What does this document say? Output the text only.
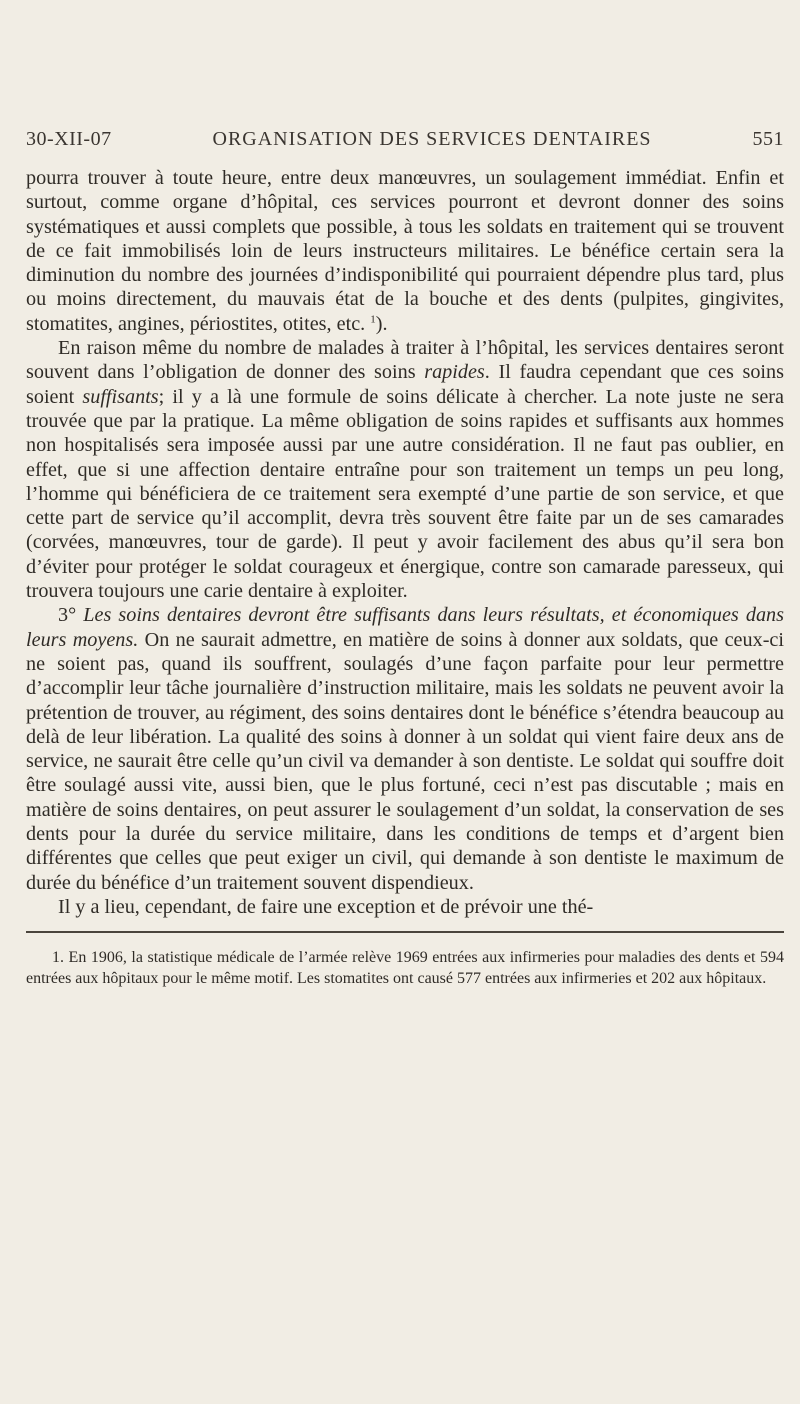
30-XII-07	ORGANISATION DES SERVICES DENTAIRES	551

pourra trouver à toute heure, entre deux manœuvres, un soulagement immédiat. Enfin et surtout, comme organe d’hôpital, ces services pourront et devront donner des soins systématiques et aussi complets que possible, à tous les soldats en traitement qui se trouvent de ce fait immobilisés loin de leurs instructeurs militaires. Le bénéfice certain sera la diminution du nombre des journées d’indisponibilité qui pourraient dépendre plus tard, plus ou moins directement, du mauvais état de la bouche et des dents (pulpites, gingivites, stomatites, angines, périostites, otites, etc. $^1$).

En raison même du nombre de malades à traiter à l’hôpital, les services dentaires seront souvent dans l’obligation de donner des soins rapides. Il faudra cependant que ces soins soient suffisants; il y a là une formule de soins délicate à chercher. La note juste ne sera trouvée que par la pratique. La même obligation de soins rapides et suffisants aux hommes non hospitalisés sera imposée aussi par une autre considération. Il ne faut pas oublier, en effet, que si une affection dentaire entraîne pour son traitement un temps un peu long, l’homme qui bénéficiera de ce traitement sera exempté d’une partie de son service, et que cette part de service qu’il accomplit, devra très souvent être faite par un de ses camarades (corvées, manœuvres, tour de garde). Il peut y avoir facilement des abus qu’il sera bon d’éviter pour protéger le soldat courageux et énergique, contre son camarade paresseux, qui trouvera toujours une carie dentaire à exploiter.

3° Les soins dentaires devront être suffisants dans leurs résultats, et économiques dans leurs moyens. On ne saurait admettre, en matière de soins à donner aux soldats, que ceux-ci ne soient pas, quand ils souffrent, soulagés d’une façon parfaite pour leur permettre d’accomplir leur tâche journalière d’instruction militaire, mais les soldats ne peuvent avoir la prétention de trouver, au régiment, des soins dentaires dont le bénéfice s’étendra beaucoup au delà de leur libération. La qualité des soins à donner à un soldat qui vient faire deux ans de service, ne saurait être celle qu’un civil va demander à son dentiste. Le soldat qui souffre doit être soulagé aussi vite, aussi bien, que le plus fortuné, ceci n’est pas discutable ; mais en matière de soins dentaires, on peut assurer le soulagement d’un soldat, la conservation de ses dents pour la durée du service militaire, dans les conditions de temps et d’argent bien différentes que celles que peut exiger un civil, qui demande à son dentiste le maximum de durée du bénéfice d’un traitement souvent dispendieux.

Il y a lieu, cependant, de faire une exception et de prévoir une thé-

1. En 1906, la statistique médicale de l’armée relève 1969 entrées aux infirmeries pour maladies des dents et 594 entrées aux hôpitaux pour le même motif. Les stomatites ont causé 577 entrées aux infirmeries et 202 aux hôpitaux.
